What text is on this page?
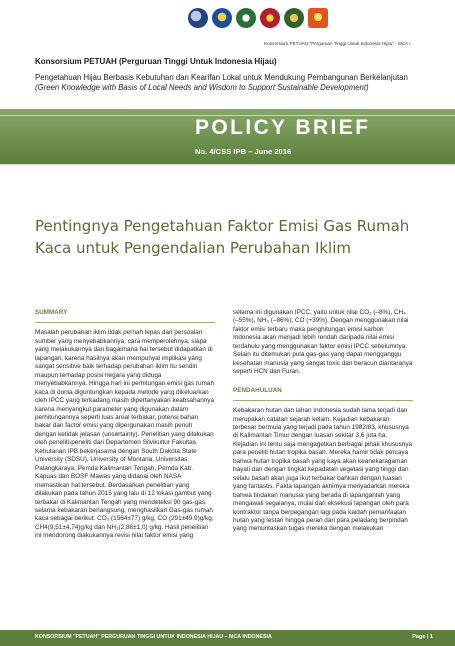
Konsorsium PETUAH "Perguruan Tinggi Untuk Indonesia Hijau" - MCA I
Konsorsium PETUAH (Perguruan Tinggi Untuk Indonesia Hijau)
Pengetahuan Hijau Berbasis Kebutuhan dan Kearifan Lokal untuk Mendukung Pembangunan Berkelanjutan
(Green Knowledge with Basis of Local Needs and Wisdom to Support Sustainable Development)
POLICY BRIEF
No. 4/CSS IPB – June 2016
Pentingnya Pengetahuan Faktor Emisi Gas Rumah Kaca untuk Pengendalian Perubahan Iklim
SUMMARY

Masalah perubahan iklim tidak pernah lepas dari persoalan sumber yang menyebabkannya, cara memperolehnya, siapa yang melakukannya dan bagaimana hal tersebut didapatkan di lapangan, karena hasilnya akan mempunyai implikasi yang sangat sensitive baik terhadap perubahan iklim itu sendiri maupun terhadap posisi negara yang diduga menyebabkannya. Hingga hari ini perhitungan emisi gas rumah kaca di dunia diguntungkan kepada metode yang dikeluarkan oleh IPCC yang terkadang masih dipertanyakan keabsahannya karena menyangkut parameter yang digunakan dalam perhitungannya seperti luas areal terbakar, potensi bahan bakar dan factor emisi yang dipergunakan masih penuh dengan ketidak jelasan (uncertainty). Penelitian yang dilakukan oleh peneliti-peneliti dari Departemen Silvikultur Fakultas Kehutanan IPB bekerjasama dengan South Dakota State University (SDSU), University of Montana, Universitas Palangkaraya, Pemda Kalimantan Tengah, Pemda Kab. Kapuas dan BOSF Mawas yang didanai oleh NASA memastikan hal tersebut. Berdasarkan penelitian yang dilakukan pada tahun 2015 yang lalu di 12 lokasi gambut yang terbakar di Kalimantan Tengah yang mendeteksi 90 gas-gas selama kebakaran berlangsung, menghasilkan Gas-gas rumah kaca sebagai berikut: CO₂ (1564±77) g/kg, CO (291±49,9)g/kg, CH4(9,51±4,74)g/kg dan NH₃(2,86±1,0) g/kg. Hasil penelitian ini mendorong diakukannya revisi nilai faktor emisi yang

selama ini digunakan IPCC, yaitu untuk nilai CO₂ (–8%), CH₄ (–55%), NH₃ (–86%), CO (+39%). Dengan menggunakan nilai faktor emisi terbaru maka penghitungan emisi karbon Indonesia akan menjadi lebih rendah daripada nilai emisi terdahulu yang menggunakan faktor emisi IPCC sebelumnya. Selain itu ditemukan pula gas-gas yang dapat mengganggu kesehatan manusia yang sangat toxic dan beracun diantaranya seperti HCN dan Furan.

PENDAHULUAN

Kebakaran hutan dan lahan Indonesia sudah lama terjadi dan merupakan catatan sejarah kelam. Kejadian kebakaran terbesar bermula yang terjadi pada tahun 1982/83, khususnya di Kalimantan Timur dengan luasan sekitar 3,6 juta ha. Kejadian ini tentu saja mengagetkan berbagai pihak khususnya para peneliti hutan tropika basah. Mereka hamir tidak percaya bahwa hutan tropika basah yang kaya akan keanekaragaman hayati dan dengan tingkat kepadatan vegetasi yang tinggi dan selalu basah akan juga ikut terbakar bahkan dengan luasan yang fantastis. Fakta lapangan akhirnya menyadarkan mereka bahwa tindakan manusia yang berada di lapanganlah yang mengawali segalanya, mulai dari eksekusi lapangan oleh para kontraktor tanpa berpegangan lagi pada kaidah pemanfaatan hutan yang lestari hingga peran dari para peladang berpindah yang menuntaskan tugas mereka dengan melakukan

KONSORSIUM "PETUAH" PERGURUAN TINGGI UNTUK INDONESIA HIJAU – MCA INDONESIA	Page | 1
